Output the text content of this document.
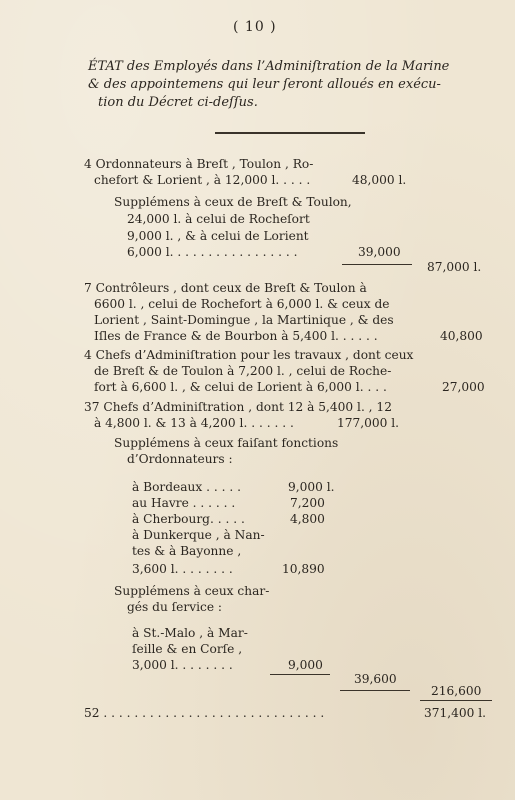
( 10 )
ÉTAT des Employés dans l’Adminiſtration de la Marine
& des appointemens qui leur ſeront alloués en exécu-
tion du Décret ci-deſſus.
4 Ordonnateurs à Breſt , Toulon , Ro-
chefort & Lorient , à 12,000 l. . . . .	48,000 l.
Supplémens à ceux de Breſt & Toulon,
24,000 l. à celui de Rocheſort
9,000 l. , & à celui de Lorient
6,000 l. . . . . . . . . . . . . . . . .	39,000
87,000 l.
7 Contrôleurs , dont ceux de Breſt & Toulon à
6600 l. , celui de Rochefort à 6,000 l. & ceux de
Lorient , Saint-Domingue , la Martinique , & des
Iſles de France & de Bourbon à 5,400 l. . . . . .	40,800
4 Chefs d’Adminiſtration pour les travaux , dont ceux
de Breſt & de Toulon à 7,200 l. , celui de Roche-
fort à 6,600 l. , & celui de Lorient à 6,000 l. . . .	27,000
37 Chefs d’Adminiſtration , dont 12 à 5,400 l. , 12
à 4,800 l. & 13 à 4,200 l. . . . . . .	177,000 l.
Supplémens à ceux faiſant fonctions
d’Ordonnateurs :
à Bordeaux . . . . .	9,000 l.
au Havre . . . . . .	7,200
à Cherbourg. . . . .	4,800
à Dunkerque , à Nan-
tes & à Bayonne ,
3,600 l. . . . . . . .	10,890
Supplémens à ceux char-
gés du ſervice :
à St.-Malo , à Mar-
ſeille & en Corſe ,
3,000 l. . . . . . . .	9,000
39,600
216,600
52 . . . . . . . . . . . . . . . . . . . . . . . . . . . . .	371,400 l.
